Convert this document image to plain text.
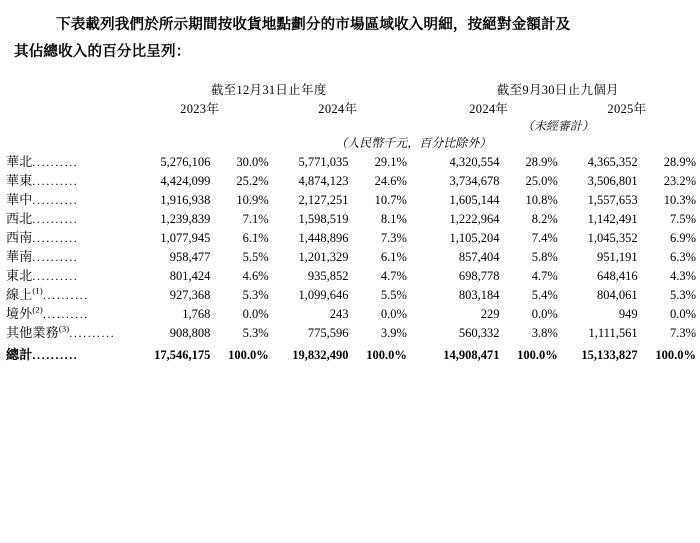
下表載列我們於所示期間按收貨地點劃分的市場區域收入明細，按絕對金額計及
其佔總收入的百分比呈列：
	截至12月31日止年度					截至9月30日止九個月			

	2023年		2024年			2024年		2025年	

						（未經審計）			
	（人民幣千元，百分比除外）								
華北..........	5,276,106	30.0%	5,771,035	29.1%		4,320,554	28.9%	4,365,352	28.9%
華東..........	4,424,099	25.2%	4,874,123	24.6%		3,734,678	25.0%	3,506,801	23.2%
華中..........	1,916,938	10.9%	2,127,251	10.7%		1,605,144	10.8%	1,557,653	10.3%
西北..........	1,239,839	7.1%	1,598,519	8.1%		1,222,964	8.2%	1,142,491	7.5%
西南..........	1,077,945	6.1%	1,448,896	7.3%		1,105,204	7.4%	1,045,352	6.9%
華南..........	958,477	5.5%	1,201,329	6.1%		857,404	5.8%	951,191	6.3%
東北..........	801,424	4.6%	935,852	4.7%		698,778	4.7%	648,416	4.3%
線上$^{(1)}$..........	927,368	5.3%	1,099,646	5.5%		803,184	5.4%	804,061	5.3%
境外$^{(2)}$..........	1,768	0.0%	243	0.0%		229	0.0%	949	0.0%
其他業務$^{(3)}$..........	908,808	5.3%	775,596	3.9%		560,332	3.8%	1,111,561	7.3%

總計..........	17,546,175	100.0%	19,832,490	100.0%		14,908,471	100.0%	15,133,827	100.0%
